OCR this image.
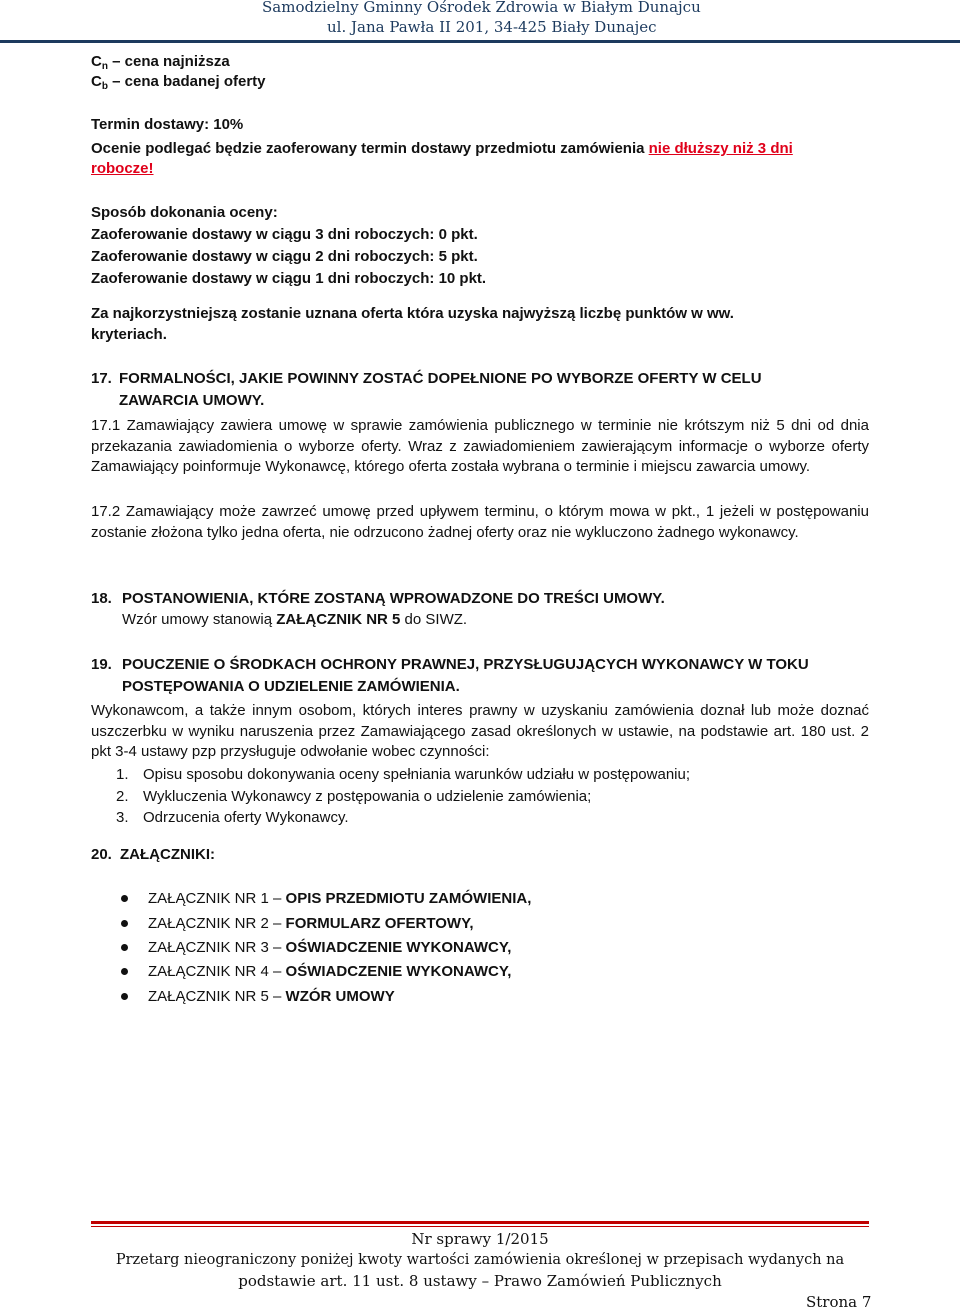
Samodzielny Gminny Ośrodek Zdrowia w Białym Dunajcu
ul. Jana Pawła II 201, 34-425 Biały Dunajec
$C_n$ – cena najniższa
$C_b$ – cena badanej oferty
Termin dostawy: 10%
Ocenie podlegać będzie zaoferowany termin dostawy przedmiotu zamówienia nie dłuższy niż 3 dni
robocze!
Sposób dokonania oceny:
Zaoferowanie dostawy w ciągu 3 dni roboczych: 0 pkt.
Zaoferowanie dostawy w ciągu 2 dni roboczych: 5 pkt.
Zaoferowanie dostawy w ciągu 1 dni roboczych: 10 pkt.
Za najkorzystniejszą zostanie uznana oferta która uzyska najwyższą liczbę punktów w ww.
kryteriach.
17. FORMALNOŚCI, JAKIE POWINNY ZOSTAĆ DOPEŁNIONE PO WYBORZE OFERTY W CELU
ZAWARCIA UMOWY.
17.1 Zamawiający zawiera umowę w sprawie zamówienia publicznego w terminie nie krótszym niż 5 dni od dnia przekazania zawiadomienia o wyborze oferty. Wraz z zawiadomieniem zawierającym informacje o wyborze oferty Zamawiający poinformuje Wykonawcę, którego oferta została wybrana o terminie i miejscu zawarcia umowy.
17.2 Zamawiający może zawrzeć umowę przed upływem terminu, o którym mowa w pkt., 1 jeżeli w postępowaniu zostanie złożona tylko jedna oferta, nie odrzucono żadnej oferty oraz nie wykluczono żadnego wykonawcy.
18. POSTANOWIENIA, KTÓRE ZOSTANĄ WPROWADZONE DO TREŚCI UMOWY.
Wzór umowy stanowią ZAŁĄCZNIK NR 5 do SIWZ.
19. POUCZENIE O ŚRODKACH OCHRONY PRAWNEJ, PRZYSŁUGUJĄCYCH WYKONAWCY W TOKU
POSTĘPOWANIA O UDZIELENIE ZAMÓWIENIA.
Wykonawcom, a także innym osobom, których interes prawny w uzyskaniu zamówienia doznał lub może doznać uszczerbku w wyniku naruszenia przez Zamawiającego zasad określonych w ustawie, na podstawie art. 180 ust. 2 pkt 3-4 ustawy pzp przysługuje odwołanie wobec czynności:
1. Opisu sposobu dokonywania oceny spełniania warunków udziału w postępowaniu;
2. Wykluczenia Wykonawcy z postępowania o udzielenie zamówienia;
3. Odrzucenia oferty Wykonawcy.
20. ZAŁĄCZNIKI:
ZAŁĄCZNIK NR 1 – OPIS PRZEDMIOTU ZAMÓWIENIA,
ZAŁĄCZNIK NR 2 – FORMULARZ OFERTOWY,
ZAŁĄCZNIK NR 3 – OŚWIADCZENIE WYKONAWCY,
ZAŁĄCZNIK NR 4 – OŚWIADCZENIE WYKONAWCY,
ZAŁĄCZNIK NR 5 – WZÓR UMOWY
Nr sprawy 1/2015
Przetarg nieograniczony poniżej kwoty wartości zamówienia określonej w przepisach wydanych na
podstawie art. 11 ust. 8 ustawy – Prawo Zamówień Publicznych
Strona 7
